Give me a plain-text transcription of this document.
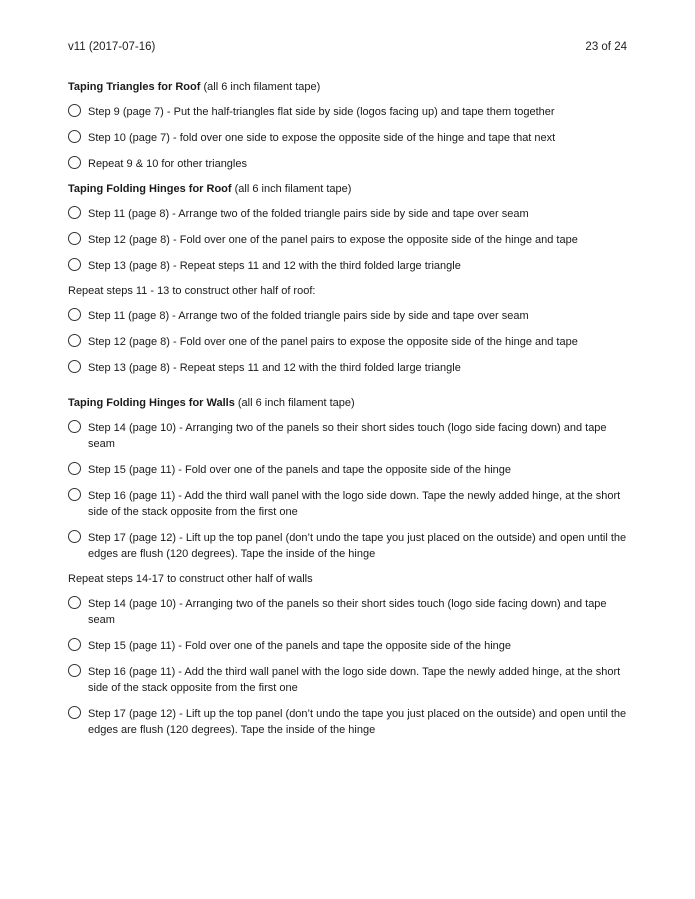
v11 (2017-07-16)	23 of 24
Taping Triangles for Roof (all 6 inch filament tape)
Step 9 (page 7) - Put the half-triangles flat side by side (logos facing up) and tape them together
Step 10 (page 7) - fold over one side to expose the opposite side of the hinge and tape that next
Repeat 9 & 10 for other triangles
Taping Folding Hinges for Roof (all 6 inch filament tape)
Step 11 (page 8) - Arrange two of the folded triangle pairs side by side and tape over seam
Step 12 (page 8) - Fold over one of the panel pairs to expose the opposite side of the hinge and tape
Step 13 (page 8) - Repeat steps 11 and 12 with the third folded large triangle
Repeat steps 11 - 13 to construct other half of roof:
Step 11 (page 8) - Arrange two of the folded triangle pairs side by side and tape over seam
Step 12 (page 8) - Fold over one of the panel pairs to expose the opposite side of the hinge and tape
Step 13 (page 8) - Repeat steps 11 and 12 with the third folded large triangle
Taping Folding Hinges for Walls (all 6 inch filament tape)
Step 14 (page 10) - Arranging two of the panels so their short sides touch (logo side facing down) and tape seam
Step 15 (page 11) - Fold over one of the panels and tape the opposite side of the hinge
Step 16 (page 11) - Add the third wall panel with the logo side down. Tape the newly added hinge, at the short side of the stack opposite from the first one
Step 17 (page 12) - Lift up the top panel (don’t undo the tape you just placed on the outside) and open until the edges are flush (120 degrees). Tape the inside of the hinge
Repeat steps 14-17 to construct other half of walls
Step 14 (page 10) - Arranging two of the panels so their short sides touch (logo side facing down) and tape seam
Step 15 (page 11) - Fold over one of the panels and tape the opposite side of the hinge
Step 16 (page 11) - Add the third wall panel with the logo side down. Tape the newly added hinge, at the short side of the stack opposite from the first one
Step 17 (page 12) - Lift up the top panel (don’t undo the tape you just placed on the outside) and open until the edges are flush (120 degrees). Tape the inside of the hinge
